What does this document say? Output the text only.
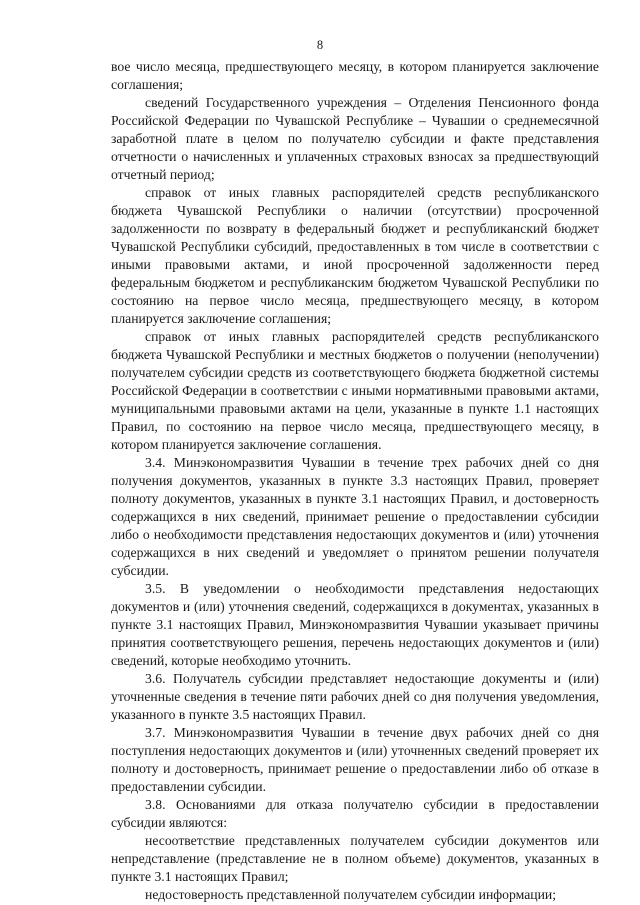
8

вое число месяца, предшествующего месяцу, в котором планируется заключение соглашения;

сведений Государственного учреждения – Отделения Пенсионного фонда Российской Федерации по Чувашской Республике – Чувашии о среднемесячной заработной плате в целом по получателю субсидии и факте представления отчетности о начисленных и уплаченных страховых взносах за предшествующий отчетный период;

справок от иных главных распорядителей средств республиканского бюджета Чувашской Республики о наличии (отсутствии) просроченной задолженности по возврату в федеральный бюджет и республиканский бюджет Чувашской Республики субсидий, предоставленных в том числе в соответствии с иными правовыми актами, и иной просроченной задолженности перед федеральным бюджетом и республиканским бюджетом Чувашской Республики по состоянию на первое число месяца, предшествующего месяцу, в котором планируется заключение соглашения;

справок от иных главных распорядителей средств республиканского бюджета Чувашской Республики и местных бюджетов о получении (неполучении) получателем субсидии средств из соответствующего бюджета бюджетной системы Российской Федерации в соответствии с иными нормативными правовыми актами, муниципальными правовыми актами на цели, указанные в пункте 1.1 настоящих Правил, по состоянию на первое число месяца, предшествующего месяцу, в котором планируется заключение соглашения.

3.4. Минэкономразвития Чувашии в течение трех рабочих дней со дня получения документов, указанных в пункте 3.3 настоящих Правил, проверяет полноту документов, указанных в пункте 3.1 настоящих Правил, и достоверность содержащихся в них сведений, принимает решение о предоставлении субсидии либо о необходимости представления недостающих документов и (или) уточнения содержащихся в них сведений и уведомляет о принятом решении получателя субсидии.

3.5. В уведомлении о необходимости представления недостающих документов и (или) уточнения сведений, содержащихся в документах, указанных в пункте 3.1 настоящих Правил, Минэкономразвития Чувашии указывает причины принятия соответствующего решения, перечень недостающих документов и (или) сведений, которые необходимо уточнить.

3.6. Получатель субсидии представляет недостающие документы и (или) уточненные сведения в течение пяти рабочих дней со дня получения уведомления, указанного в пункте 3.5 настоящих Правил.

3.7. Минэкономразвития Чувашии в течение двух рабочих дней со дня поступления недостающих документов и (или) уточненных сведений проверяет их полноту и достоверность, принимает решение о предоставлении либо об отказе в предоставлении субсидии.

3.8. Основаниями для отказа получателю субсидии в предоставлении субсидии являются:

несоответствие представленных получателем субсидии документов или непредставление (представление не в полном объеме) документов, указанных в пункте 3.1 настоящих Правил;

недостоверность представленной получателем субсидии информации;
